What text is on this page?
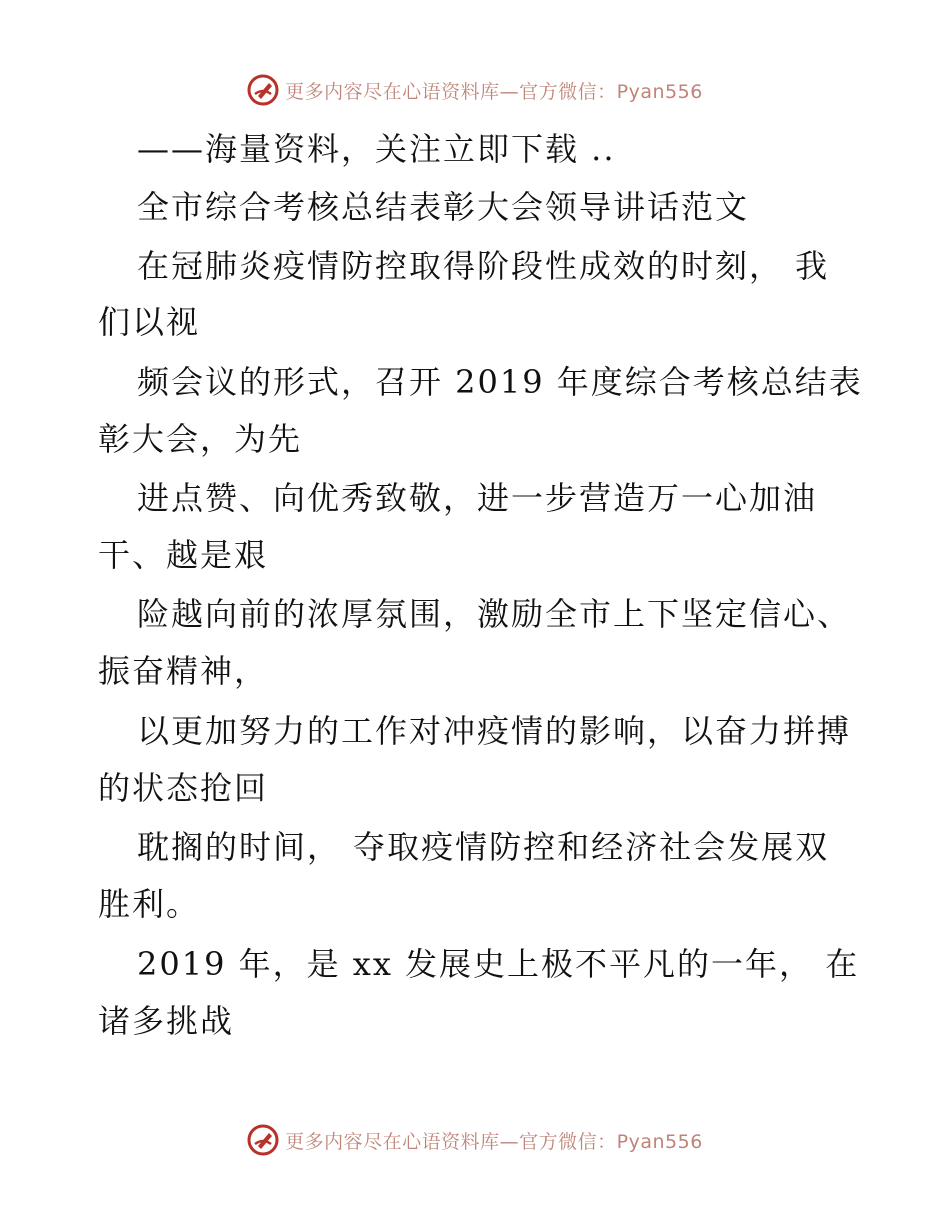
更多内容尽在心语资料库—官方微信：Pyan556
——海量资料，关注立即下载 ..
全市综合考核总结表彰大会领导讲话范文
在冠肺炎疫情防控取得阶段性成效的时刻， 我
们以视
频会议的形式，召开 2019 年度综合考核总结表
彰大会，为先
进点赞、向优秀致敬，进一步营造万一心加油
干、越是艰
险越向前的浓厚氛围，激励全市上下坚定信心、
振奋精神，
以更加努力的工作对冲疫情的影响，以奋力拼搏
的状态抢回
耽搁的时间， 夺取疫情防控和经济社会发展双
胜利。
2019 年，是 xx 发展史上极不平凡的一年， 在
诸多挑战
更多内容尽在心语资料库—官方微信：Pyan556
